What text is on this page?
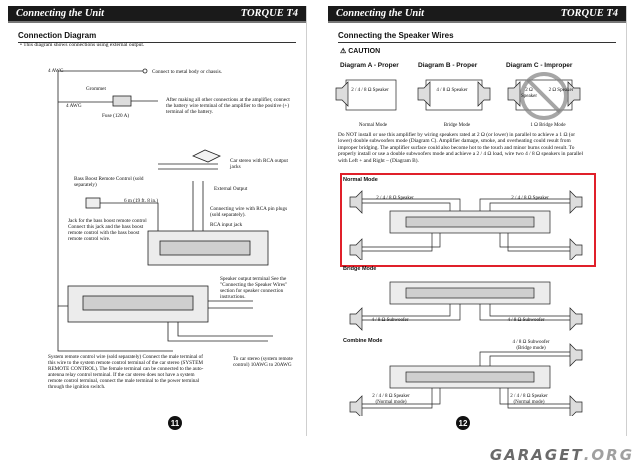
Connecting the Unit	TORQUE T4
Connection Diagram
• This diagram shows connections using external output.
4 AWG
Grommet
4 AWG
Fuse (120 A)
Connect to metal body or chassis.
After making all other connections at the amplifier, connect the battery wire terminal of the amplifier to the positive (+) terminal of the battery.
Car stereo with RCA output jacks
External Output
Bass Boost Remote Control (sold separately)
6 m (19 ft. 8 in.)
Jack for the bass boost remote control Connect this jack and the bass boost remote control with the bass boost remote control wire.
Connecting wire with RCA pin plugs (sold separately).
RCA input jack
Speaker output terminal See the "Connecting the Speaker Wires" section for speaker connection instructions.
System remote control wire (sold separately) Connect the male terminal of this wire to the system remote control terminal of the car stereo (SYSTEM REMOTE CONTROL). The female terminal can be connected to the auto-antenna relay control terminal. If the car stereo does not have a system remote control terminal, connect the male terminal to the power terminal through the ignition switch.
To car stereo (system remote control) 10AWG to 20AWG
11
Connecting the Unit	TORQUE T4
Connecting the Speaker Wires
12
⚠ CAUTION
Diagram A - Proper	Diagram B - Proper	Diagram C - Improper
2 / 4 / 8 Ω Speaker
Normal Mode
4 / 8 Ω Speaker
Bridge Mode
2 Ω Speaker
2 Ω Speaker
1 Ω Bridge Mode
Do NOT install or use this amplifier by wiring speakers rated at 2 Ω (or lower) in parallel to achieve a 1 Ω (or lower) double subwoofers mode (Diagram C). Amplifier damage, smoke, and overheating could result from improper bridging. The amplifier surface could also become hot to the touch and minor burns could result. To properly install or use a double subwoofers mode and achieve a 2 / 4 Ω load, wire two 4 / 8 Ω speakers in parallel with Left + and Right – (Diagram B).
Normal Mode
2 / 4 / 8 Ω Speaker	2 / 4 / 8 Ω Speaker
Bridge Mode
4 / 8 Ω Subwoofer	4 / 8 Ω Subwoofer
Combine Mode	4 / 8 Ω Subwoofer (Bridge mode)
2 / 4 / 8 Ω Speaker (Normal mode)
2 / 4 / 8 Ω Speaker (Normal mode)
GARAGET.ORG
